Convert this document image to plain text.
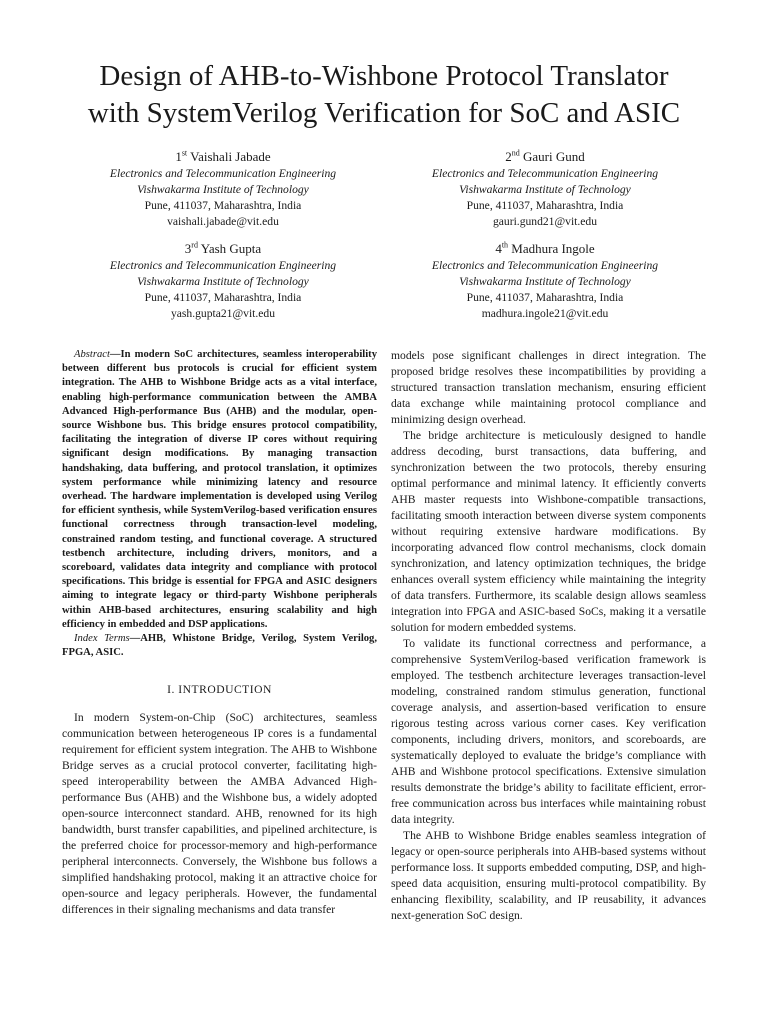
Design of AHB-to-Wishbone Protocol Translator
with SystemVerilog Verification for SoC and ASIC
1st Vaishali Jabade
Electronics and Telecommunication Engineering
Vishwakarma Institute of Technology
Pune, 411037, Maharashtra, India
vaishali.jabade@vit.edu
2nd Gauri Gund
Electronics and Telecommunication Engineering
Vishwakarma Institute of Technology
Pune, 411037, Maharashtra, India
gauri.gund21@vit.edu
3rd Yash Gupta
Electronics and Telecommunication Engineering
Vishwakarma Institute of Technology
Pune, 411037, Maharashtra, India
yash.gupta21@vit.edu
4th Madhura Ingole
Electronics and Telecommunication Engineering
Vishwakarma Institute of Technology
Pune, 411037, Maharashtra, India
madhura.ingole21@vit.edu

Abstract—In modern SoC architectures, seamless interoperability between different bus protocols is crucial for efficient system integration. The AHB to Wishbone Bridge acts as a vital interface, enabling high-performance communication between the AMBA Advanced High-performance Bus (AHB) and the modular, open-source Wishbone bus. This bridge ensures protocol compatibility, facilitating the integration of diverse IP cores without requiring significant design modifications. By managing transaction handshaking, data buffering, and protocol translation, it optimizes system performance while minimizing latency and resource overhead. The hardware implementation is developed using Verilog for efficient synthesis, while SystemVerilog-based verification ensures functional correctness through transaction-level modeling, constrained random testing, and functional coverage. A structured testbench architecture, including drivers, monitors, and a scoreboard, validates data integrity and compliance with protocol specifications. This bridge is essential for FPGA and ASIC designers aiming to integrate legacy or third-party Wishbone peripherals within AHB-based architectures, ensuring scalability and high efficiency in embedded and DSP applications.

Index Terms—AHB, Whistone Bridge, Verilog, System Verilog, FPGA, ASIC.

I. INTRODUCTION

In modern System-on-Chip (SoC) architectures, seamless communication between heterogeneous IP cores is a fundamental requirement for efficient system integration. The AHB to Wishbone Bridge serves as a crucial protocol converter, facilitating high-speed interoperability between the AMBA Advanced High-performance Bus (AHB) and the Wishbone bus, a widely adopted open-source interconnect standard. AHB, renowned for its high bandwidth, burst transfer capabilities, and pipelined architecture, is the preferred choice for processor-memory and high-performance peripheral interconnects. Conversely, the Wishbone bus follows a simplified handshaking protocol, making it an attractive choice for open-source and legacy peripherals. However, the fundamental differences in their signaling mechanisms and data transfer

models pose significant challenges in direct integration. The proposed bridge resolves these incompatibilities by providing a structured transaction translation mechanism, ensuring efficient data exchange while maintaining protocol compliance and minimizing design overhead.

The bridge architecture is meticulously designed to handle address decoding, burst transactions, data buffering, and synchronization between the two protocols, thereby ensuring optimal performance and minimal latency. It efficiently converts AHB master requests into Wishbone-compatible transactions, facilitating smooth interaction between diverse system components without requiring extensive hardware modifications. By incorporating advanced flow control mechanisms, clock domain synchronization, and latency optimization techniques, the bridge enhances overall system efficiency while maintaining the integrity of data transfers. Furthermore, its scalable design allows seamless integration into FPGA and ASIC-based SoCs, making it a versatile solution for modern embedded systems.

To validate its functional correctness and performance, a comprehensive SystemVerilog-based verification framework is employed. The testbench architecture leverages transaction-level modeling, constrained random stimulus generation, functional coverage analysis, and assertion-based verification to ensure rigorous testing across various corner cases. Key verification components, including drivers, monitors, and scoreboards, are systematically deployed to evaluate the bridge’s compliance with AHB and Wishbone protocol specifications. Extensive simulation results demonstrate the bridge’s ability to facilitate efficient, error-free communication across bus interfaces while maintaining robust data integrity.

The AHB to Wishbone Bridge enables seamless integration of legacy or open-source peripherals into AHB-based systems without performance loss. It supports embedded computing, DSP, and high-speed data acquisition, ensuring multi-protocol compatibility. By enhancing flexibility, scalability, and IP reusability, it advances next-generation SoC design.
